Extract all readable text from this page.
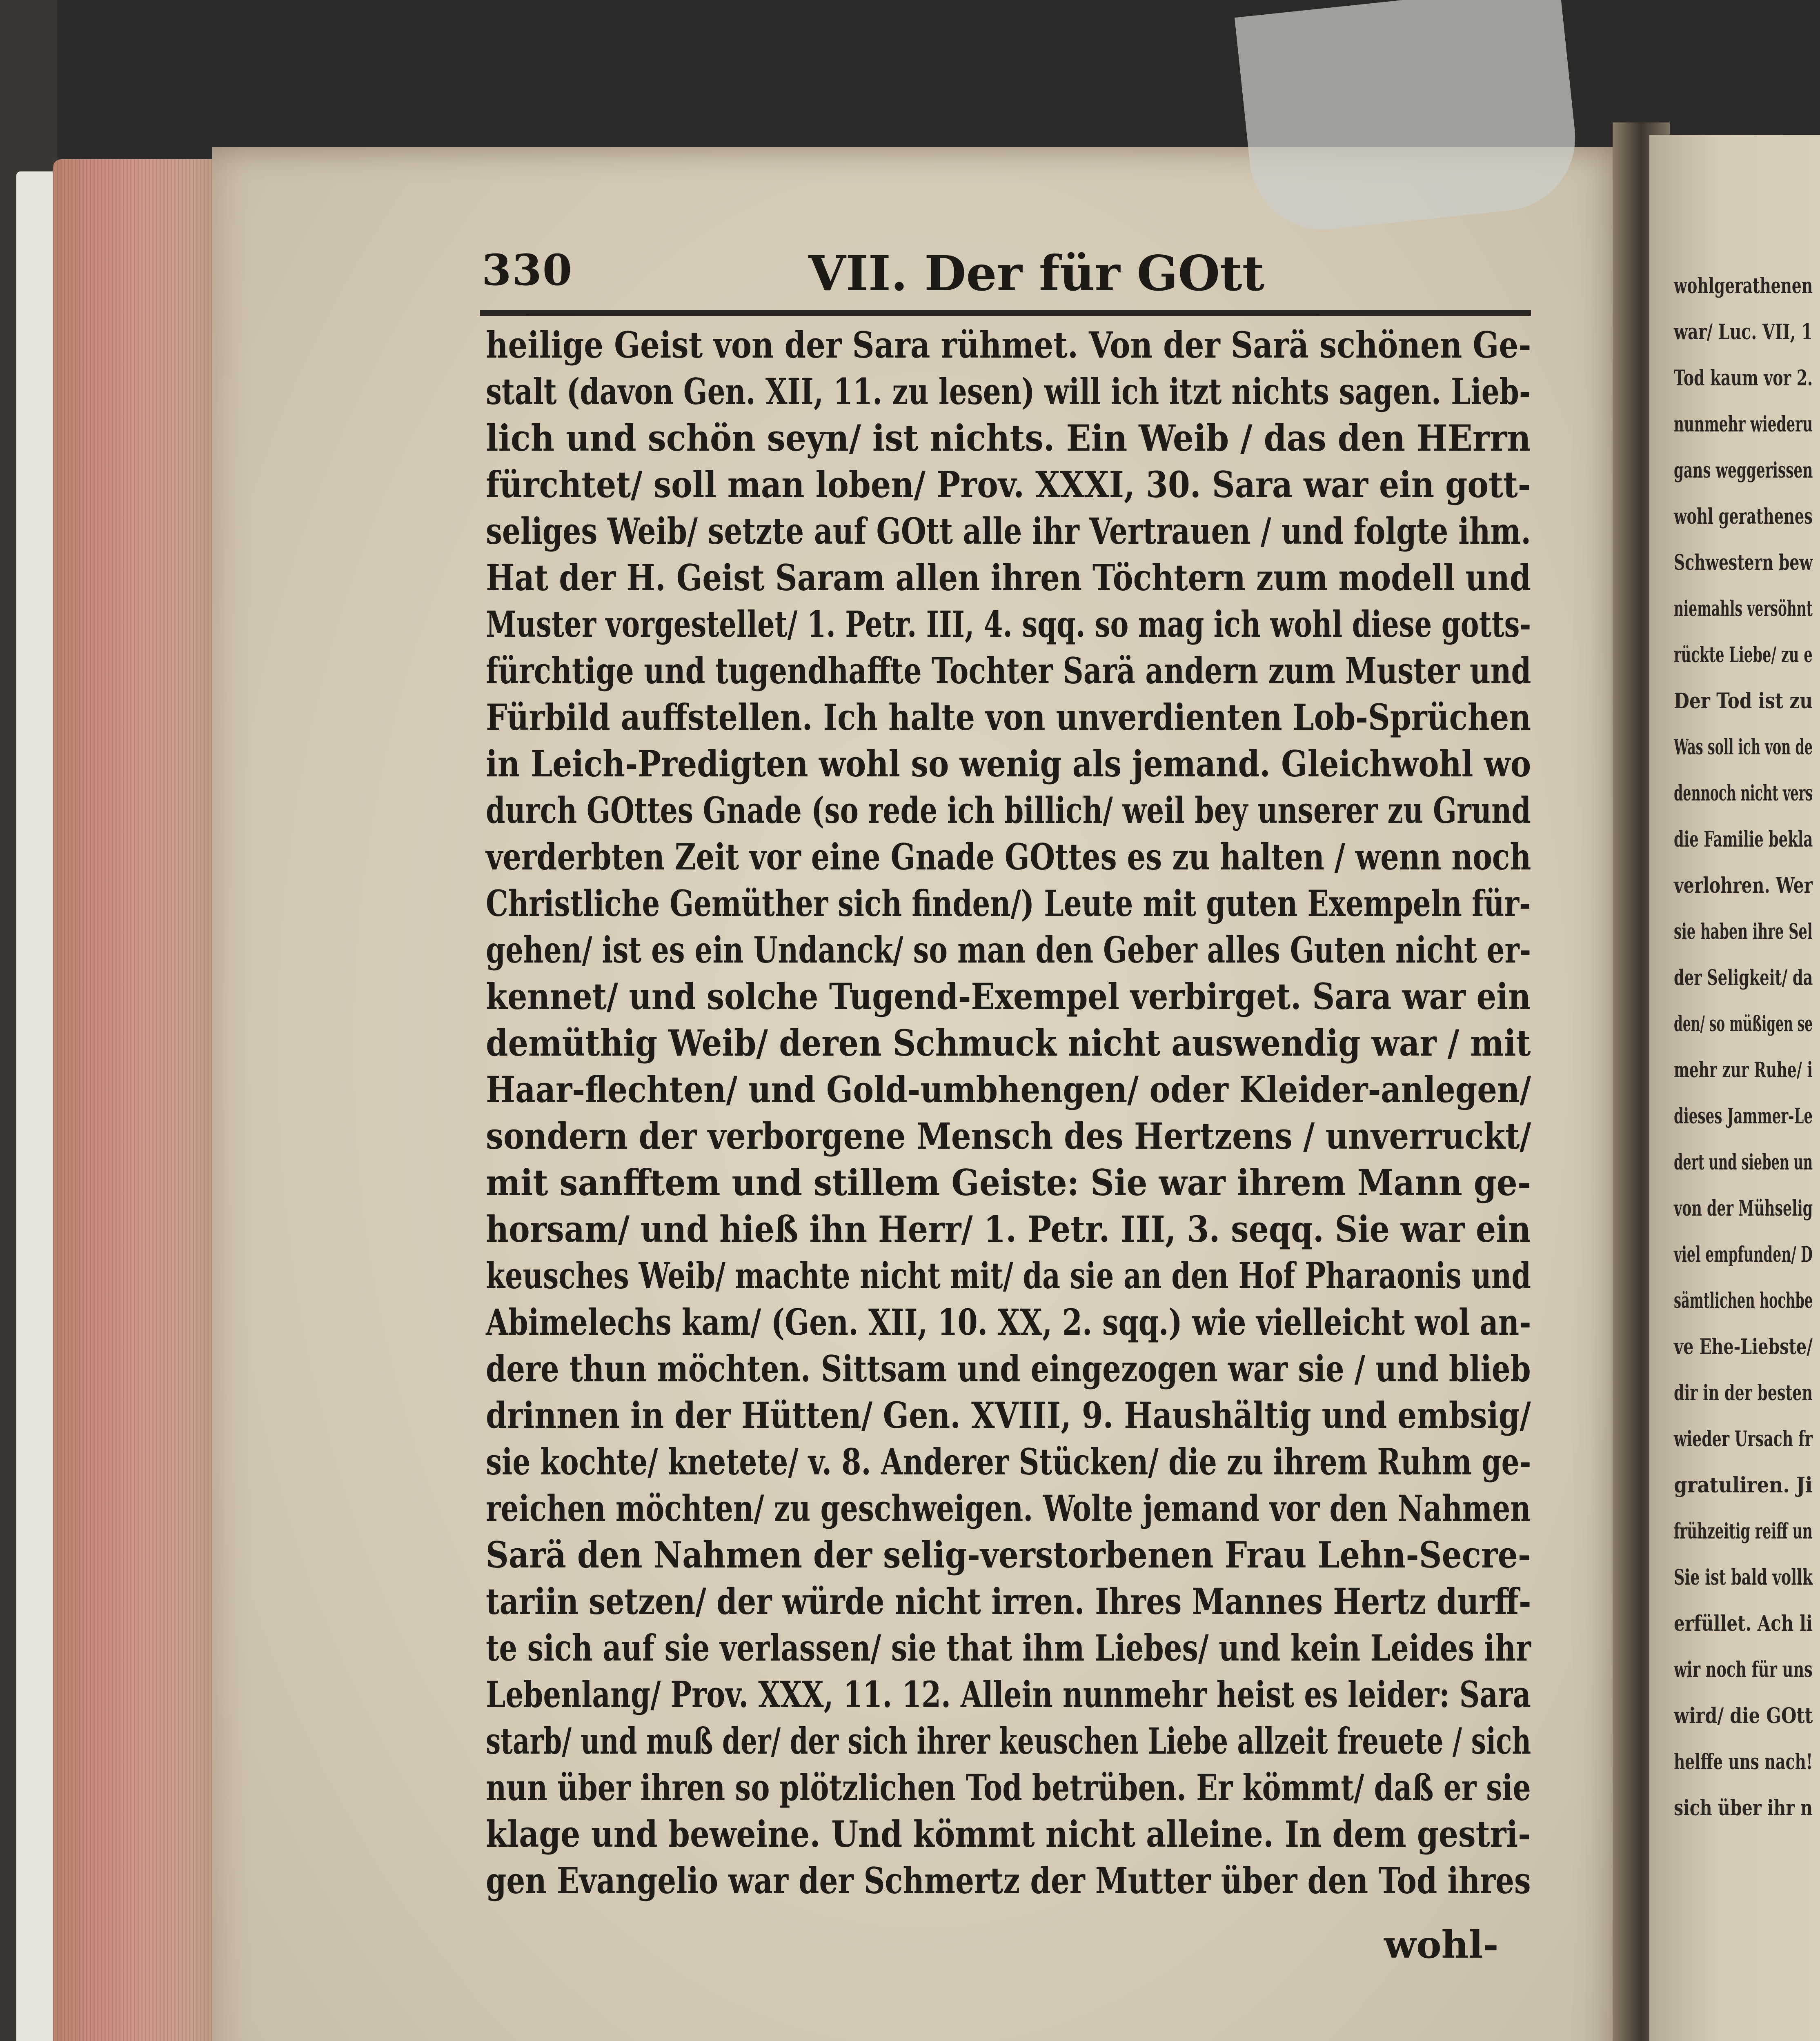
wohlgerathenen
war/ Luc. VII, 1
Tod kaum vor 2.
nunmehr wiederu
gans weggerissen
wohl gerathenes
Schwestern bew
niemahls versöhnt
rückte Liebe/ zu e
Der Tod ist zu
Was soll ich von de
dennoch nicht vers
die Familie bekla
verlohren. Wer
sie haben ihre Sel
der Seligkeit/ da
den/ so müßigen se
mehr zur Ruhe/ i
dieses Jammer-Le
dert und sieben un
von der Mühselig
viel empfunden/ D
sämtlichen hochbe
ve Ehe-Liebste/
dir in der besten
wieder Ursach fr
gratuliren. Ji
frühzeitig reiff un
Sie ist bald vollk
erfüllet. Ach li
wir noch für uns
wird/ die GOtt
helffe uns nach!
sich über ihr n
330	VII. Der für GOtt
heilige Geist von der Sara rühmet. Von der Sarä schönen Ge-
stalt (davon Gen. XII, 11. zu lesen) will ich itzt nichts sagen. Lieb-
lich und schön seyn/ ist nichts. Ein Weib / das den HErrn
fürchtet/ soll man loben/ Prov. XXXI, 30. Sara war ein gott-
seliges Weib/ setzte auf GOtt alle ihr Vertrauen / und folgte ihm.
Hat der H. Geist Saram allen ihren Töchtern zum modell und
Muster vorgestellet/ 1. Petr. III, 4. sqq. so mag ich wohl diese gotts-
fürchtige und tugendhaffte Tochter Sarä andern zum Muster und
Fürbild auffstellen. Ich halte von unverdienten Lob-Sprüchen
in Leich-Predigten wohl so wenig als jemand. Gleichwohl wo
durch GOttes Gnade (so rede ich billich/ weil bey unserer zu Grund
verderbten Zeit vor eine Gnade GOttes es zu halten / wenn noch
Christliche Gemüther sich finden/) Leute mit guten Exempeln für-
gehen/ ist es ein Undanck/ so man den Geber alles Guten nicht er-
kennet/ und solche Tugend-Exempel verbirget. Sara war ein
demüthig Weib/ deren Schmuck nicht auswendig war / mit
Haar-flechten/ und Gold-umbhengen/ oder Kleider-anlegen/
sondern der verborgene Mensch des Hertzens / unverruckt/
mit sanfftem und stillem Geiste: Sie war ihrem Mann ge-
horsam/ und hieß ihn Herr/ 1. Petr. III, 3. seqq. Sie war ein
keusches Weib/ machte nicht mit/ da sie an den Hof Pharaonis und
Abimelechs kam/ (Gen. XII, 10. XX, 2. sqq.) wie vielleicht wol an-
dere thun möchten. Sittsam und eingezogen war sie / und blieb
drinnen in der Hütten/ Gen. XVIII, 9. Haushältig und embsig/
sie kochte/ knetete/ v. 8. Anderer Stücken/ die zu ihrem Ruhm ge-
reichen möchten/ zu geschweigen. Wolte jemand vor den Nahmen
Sarä den Nahmen der selig-verstorbenen Frau Lehn-Secre-
tariin setzen/ der würde nicht irren. Ihres Mannes Hertz durff-
te sich auf sie verlassen/ sie that ihm Liebes/ und kein Leides ihr
Lebenlang/ Prov. XXX, 11. 12. Allein nunmehr heist es leider: Sara
starb/ und muß der/ der sich ihrer keuschen Liebe allzeit freuete / sich
nun über ihren so plötzlichen Tod betrüben. Er kömmt/ daß er sie
klage und beweine. Und kömmt nicht alleine. In dem gestri-
gen Evangelio war der Schmertz der Mutter über den Tod ihres
wohl-
